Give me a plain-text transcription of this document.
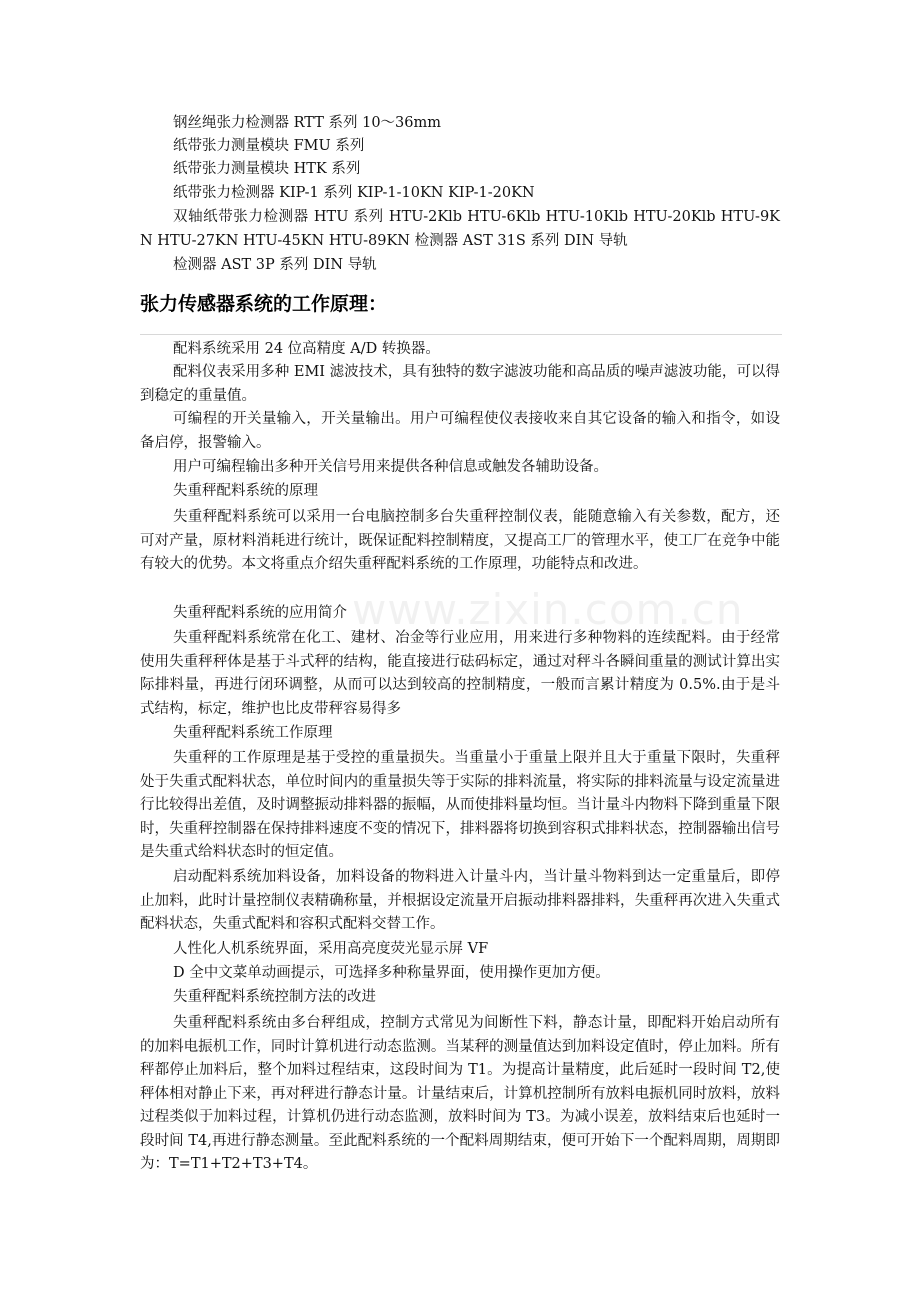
www.zixin.com.cn
钢丝绳张力检测器 RTT 系列 10～36mm
纸带张力测量模块 FMU 系列
纸带张力测量模块 HTK 系列
纸带张力检测器 KIP-1 系列 KIP-1-10KN KIP-1-20KN
双轴纸带张力检测器 HTU 系列 HTU-2Klb HTU-6Klb HTU-10Klb HTU-20Klb HTU-9KN HTU-27KN HTU-45KN HTU-89KN 检测器 AST 31S 系列 DIN 导轨
检测器 AST 3P 系列 DIN 导轨
张力传感器系统的工作原理：
配料系统采用 24 位高精度 A/D 转换器。
配料仪表采用多种 EMI 滤波技术，具有独特的数字滤波功能和高品质的噪声滤波功能，可以得到稳定的重量值。
可编程的开关量输入，开关量输出。用户可编程使仪表接收来自其它设备的输入和指令，如设备启停，报警输入。
用户可编程输出多种开关信号用来提供各种信息或触发各辅助设备。
失重秤配料系统的原理
失重秤配料系统可以采用一台电脑控制多台失重秤控制仪表，能随意输入有关参数，配方，还可对产量，原材料消耗进行统计，既保证配料控制精度，又提高工厂的管理水平，使工厂在竞争中能有较大的优势。本文将重点介绍失重秤配料系统的工作原理，功能特点和改进。
失重秤配料系统的应用简介
失重秤配料系统常在化工、建材、冶金等行业应用，用来进行多种物料的连续配料。由于经常使用失重秤秤体是基于斗式秤的结构，能直接进行砝码标定，通过对秤斗各瞬间重量的测试计算出实际排料量，再进行闭环调整，从而可以达到较高的控制精度，一般而言累计精度为 0.5%.由于是斗式结构，标定，维护也比皮带秤容易得多
失重秤配料系统工作原理
失重秤的工作原理是基于受控的重量损失。当重量小于重量上限并且大于重量下限时，失重秤处于失重式配料状态，单位时间内的重量损失等于实际的排料流量，将实际的排料流量与设定流量进行比较得出差值，及时调整振动排料器的振幅，从而使排料量均恒。当计量斗内物料下降到重量下限时，失重秤控制器在保持排料速度不变的情况下，排料器将切换到容积式排料状态，控制器输出信号是失重式给料状态时的恒定值。
启动配料系统加料设备，加料设备的物料进入计量斗内，当计量斗物料到达一定重量后，即停止加料，此时计量控制仪表精确称量，并根据设定流量开启振动排料器排料，失重秤再次进入失重式配料状态，失重式配料和容积式配料交替工作。
人性化人机系统界面，采用高亮度荧光显示屏 VF
D 全中文菜单动画提示，可选择多种称量界面，使用操作更加方便。
失重秤配料系统控制方法的改进
失重秤配料系统由多台秤组成，控制方式常见为间断性下料，静态计量，即配料开始启动所有的加料电振机工作，同时计算机进行动态监测。当某秤的测量值达到加料设定值时，停止加料。所有秤都停止加料后，整个加料过程结束，这段时间为 T1。为提高计量精度，此后延时一段时间 T2,使秤体相对静止下来，再对秤进行静态计量。计量结束后，计算机控制所有放料电振机同时放料，放料过程类似于加料过程，计算机仍进行动态监测，放料时间为 T3。为减小误差，放料结束后也延时一段时间 T4,再进行静态测量。至此配料系统的一个配料周期结束，便可开始下一个配料周期，周期即为：T=T1+T2+T3+T4。
